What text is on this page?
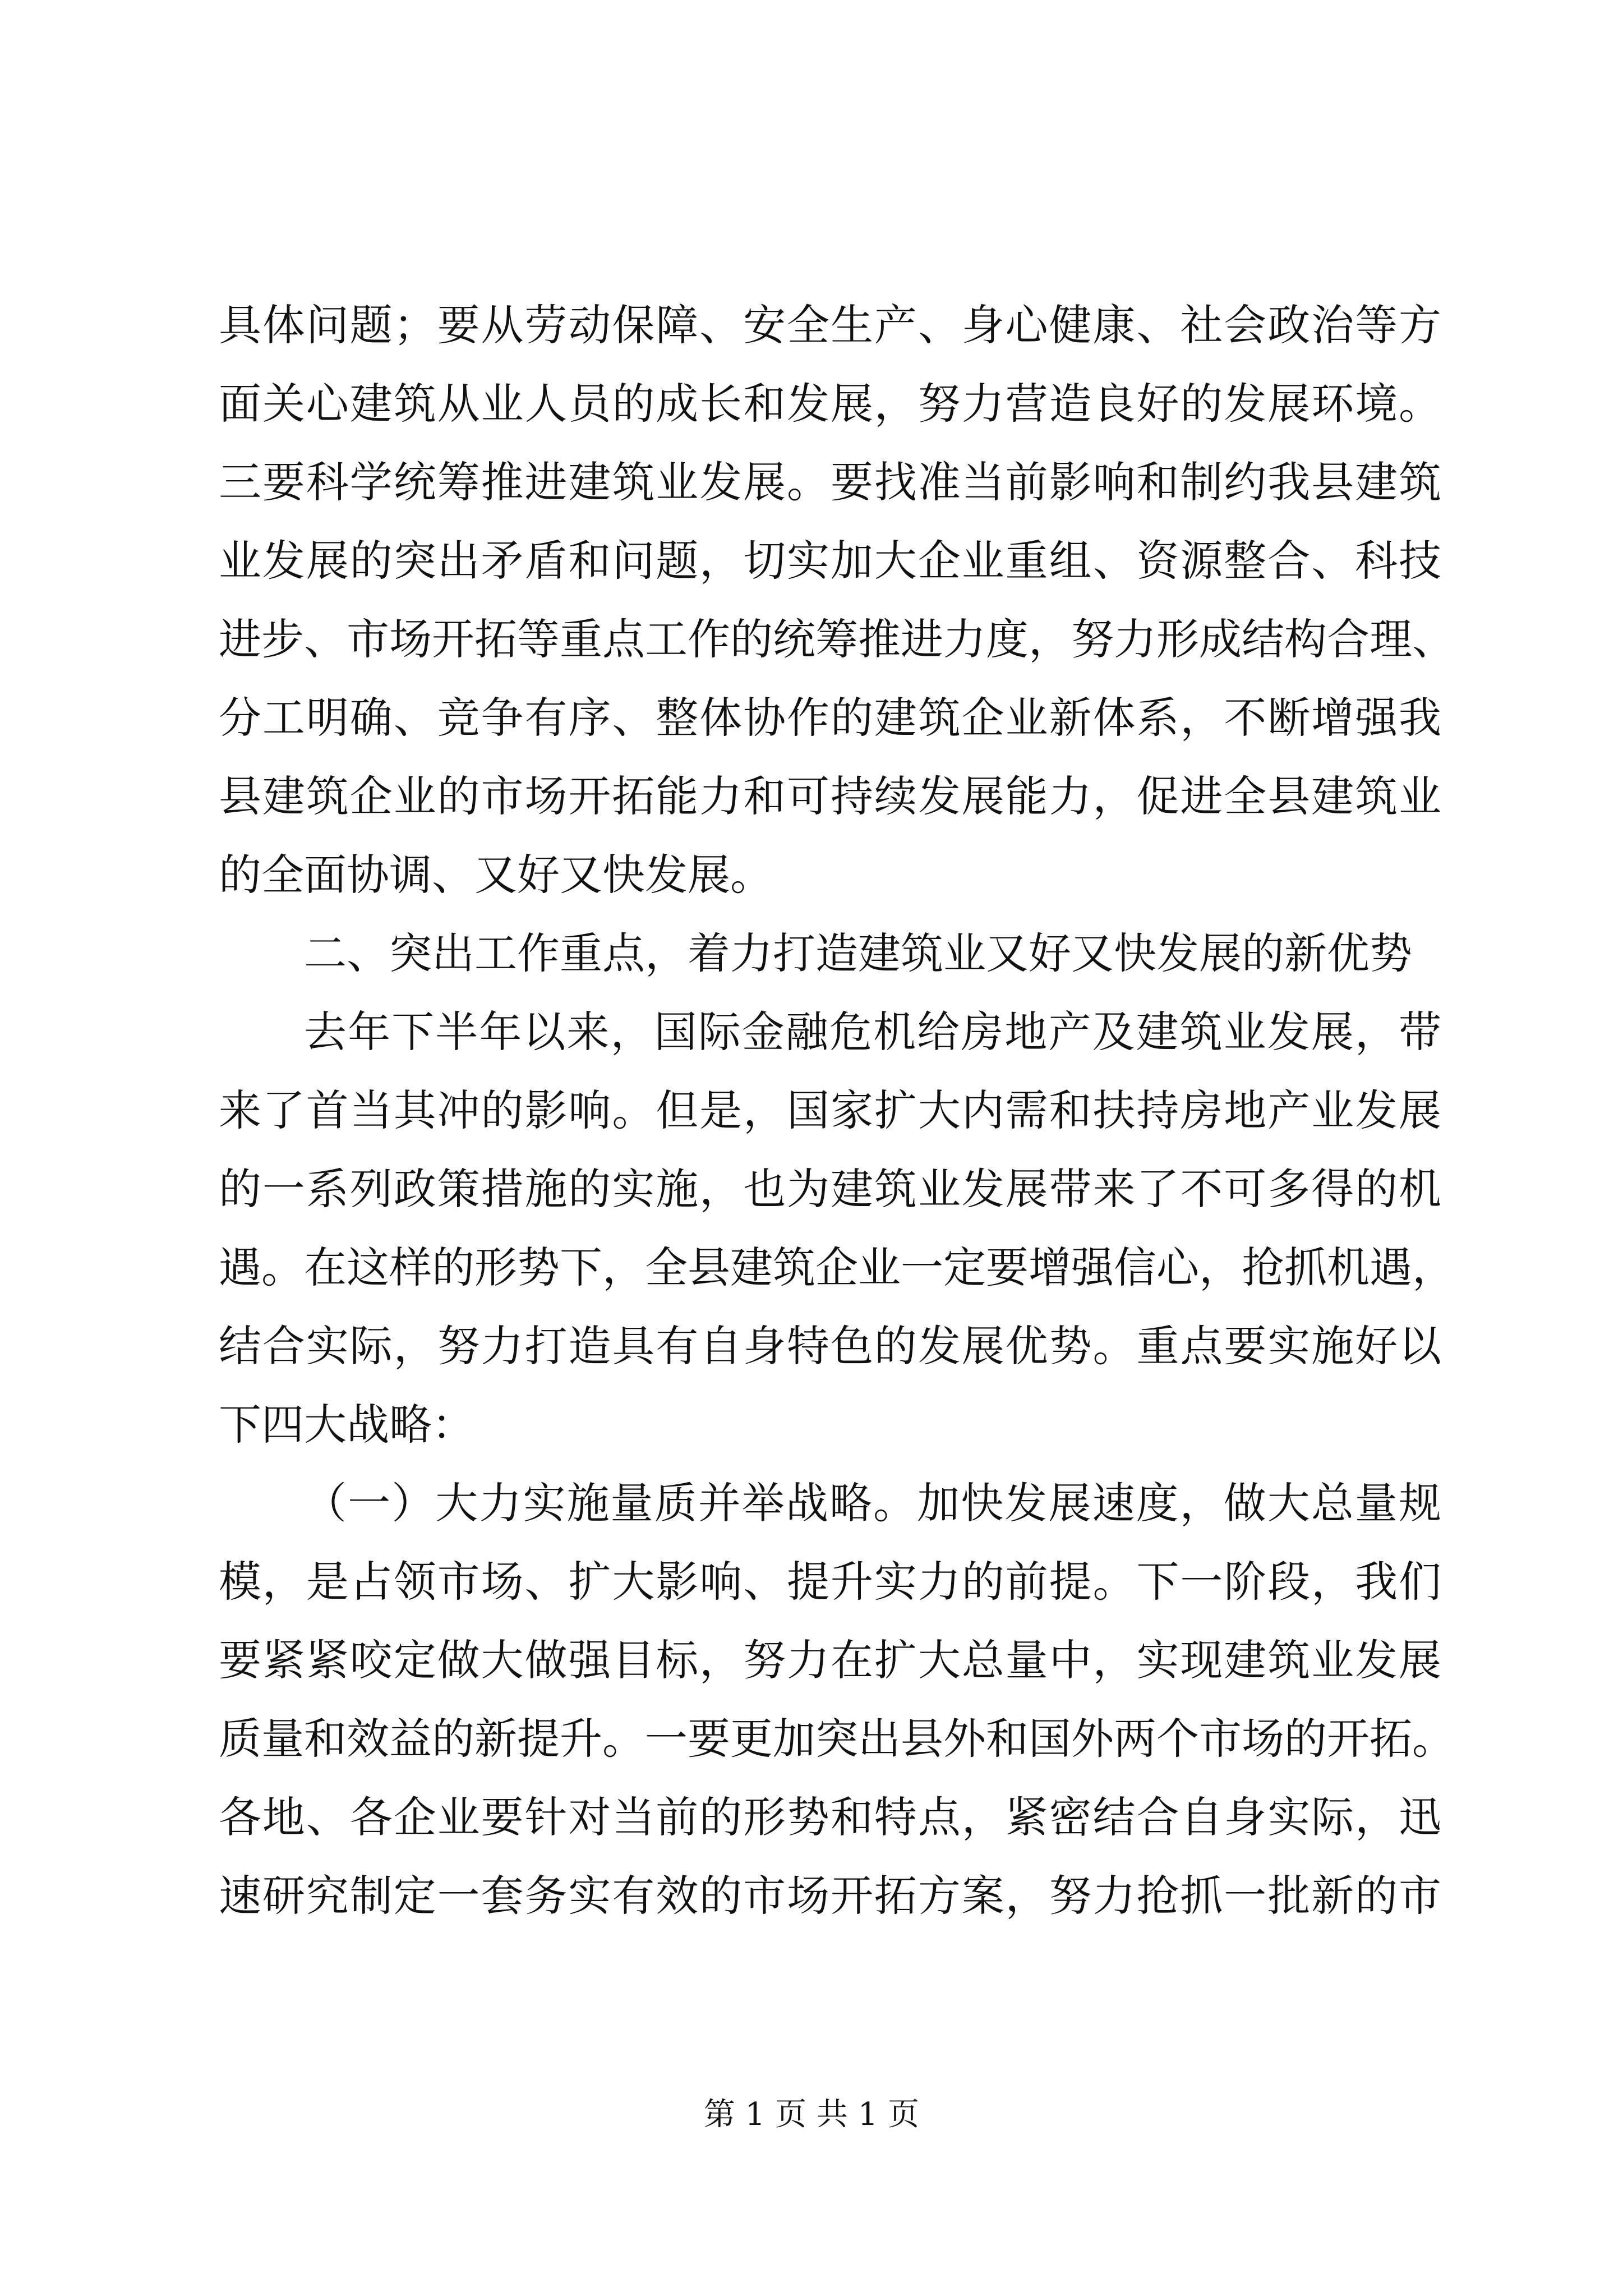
具体问题；要从劳动保障、安全生产、身心健康、社会政治等方
面关心建筑从业人员的成长和发展，努力营造良好的发展环境。
三要科学统筹推进建筑业发展。要找准当前影响和制约我县建筑
业发展的突出矛盾和问题，切实加大企业重组、资源整合、科技
进步、市场开拓等重点工作的统筹推进力度，努力形成结构合理、
分工明确、竞争有序、整体协作的建筑企业新体系，不断增强我
县建筑企业的市场开拓能力和可持续发展能力，促进全县建筑业
的全面协调、又好又快发展。
二、突出工作重点，着力打造建筑业又好又快发展的新优势
去年下半年以来，国际金融危机给房地产及建筑业发展，带
来了首当其冲的影响。但是，国家扩大内需和扶持房地产业发展
的一系列政策措施的实施，也为建筑业发展带来了不可多得的机
遇。在这样的形势下，全县建筑企业一定要增强信心，抢抓机遇，
结合实际，努力打造具有自身特色的发展优势。重点要实施好以
下四大战略：
（一）大力实施量质并举战略。加快发展速度，做大总量规
模，是占领市场、扩大影响、提升实力的前提。下一阶段，我们
要紧紧咬定做大做强目标，努力在扩大总量中，实现建筑业发展
质量和效益的新提升。一要更加突出县外和国外两个市场的开拓。
各地、各企业要针对当前的形势和特点，紧密结合自身实际，迅
速研究制定一套务实有效的市场开拓方案，努力抢抓一批新的市
第 1 页 共 1 页
